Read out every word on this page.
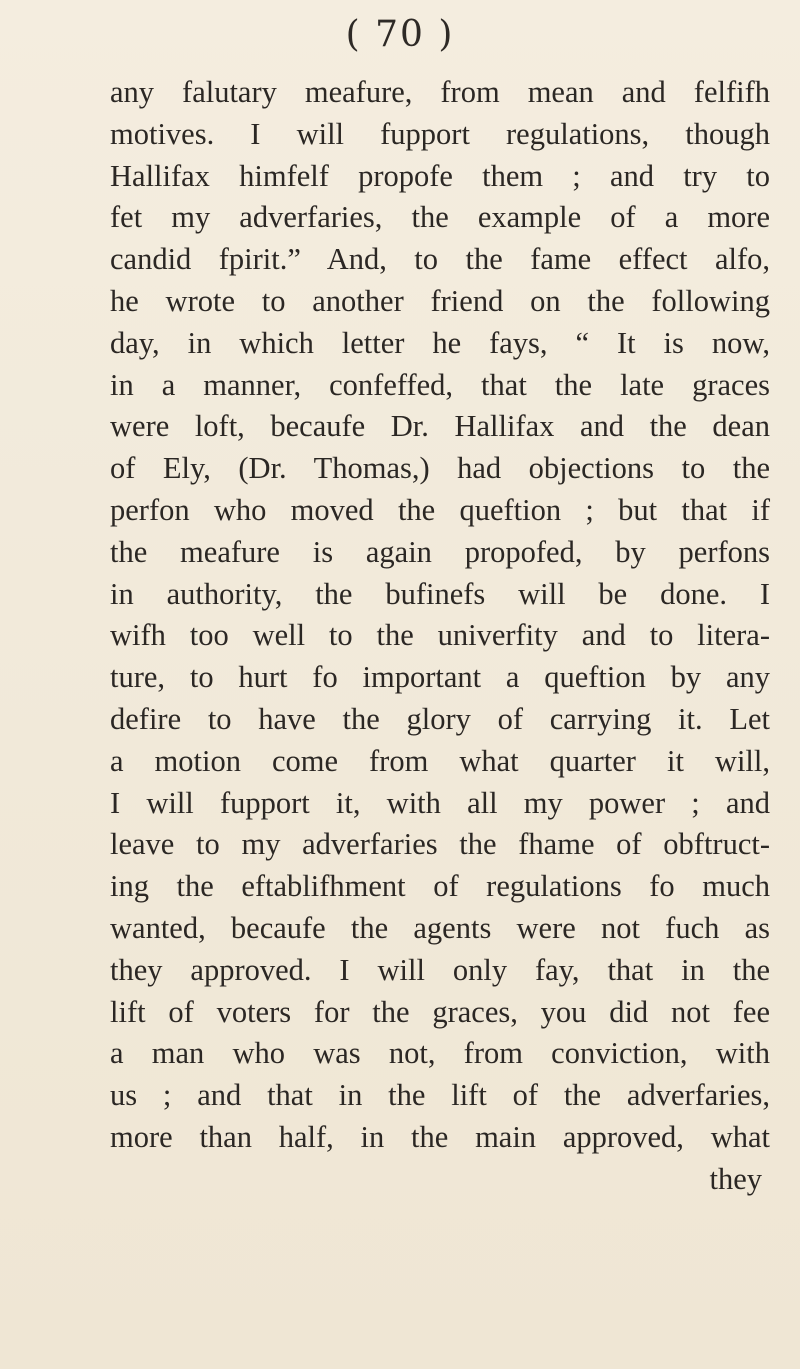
( 70 )
any falutary meafure, from mean and felfifh
motives. I will fupport regulations, though
Hallifax himfelf propofe them ; and try to
fet my adverfaries, the example of a more
candid fpirit.” And, to the fame effect alfo,
he wrote to another friend on the following
day, in which letter he fays, “ It is now,
in a manner, confeffed, that the late graces
were loft, becaufe Dr. Hallifax and the dean
of Ely, (Dr. Thomas,) had objections to the
perfon who moved the queftion ; but that if
the meafure is again propofed, by perfons
in authority, the bufinefs will be done. I
wifh too well to the univerfity and to litera-
ture, to hurt fo important a queftion by any
defire to have the glory of carrying it. Let
a motion come from what quarter it will,
I will fupport it, with all my power ; and
leave to my adverfaries the fhame of obftruct-
ing the eftablifhment of regulations fo much
wanted, becaufe the agents were not fuch as
they approved. I will only fay, that in the
lift of voters for the graces, you did not fee
a man who was not, from conviction, with
us ; and that in the lift of the adverfaries,
more than half, in the main approved, what
they
